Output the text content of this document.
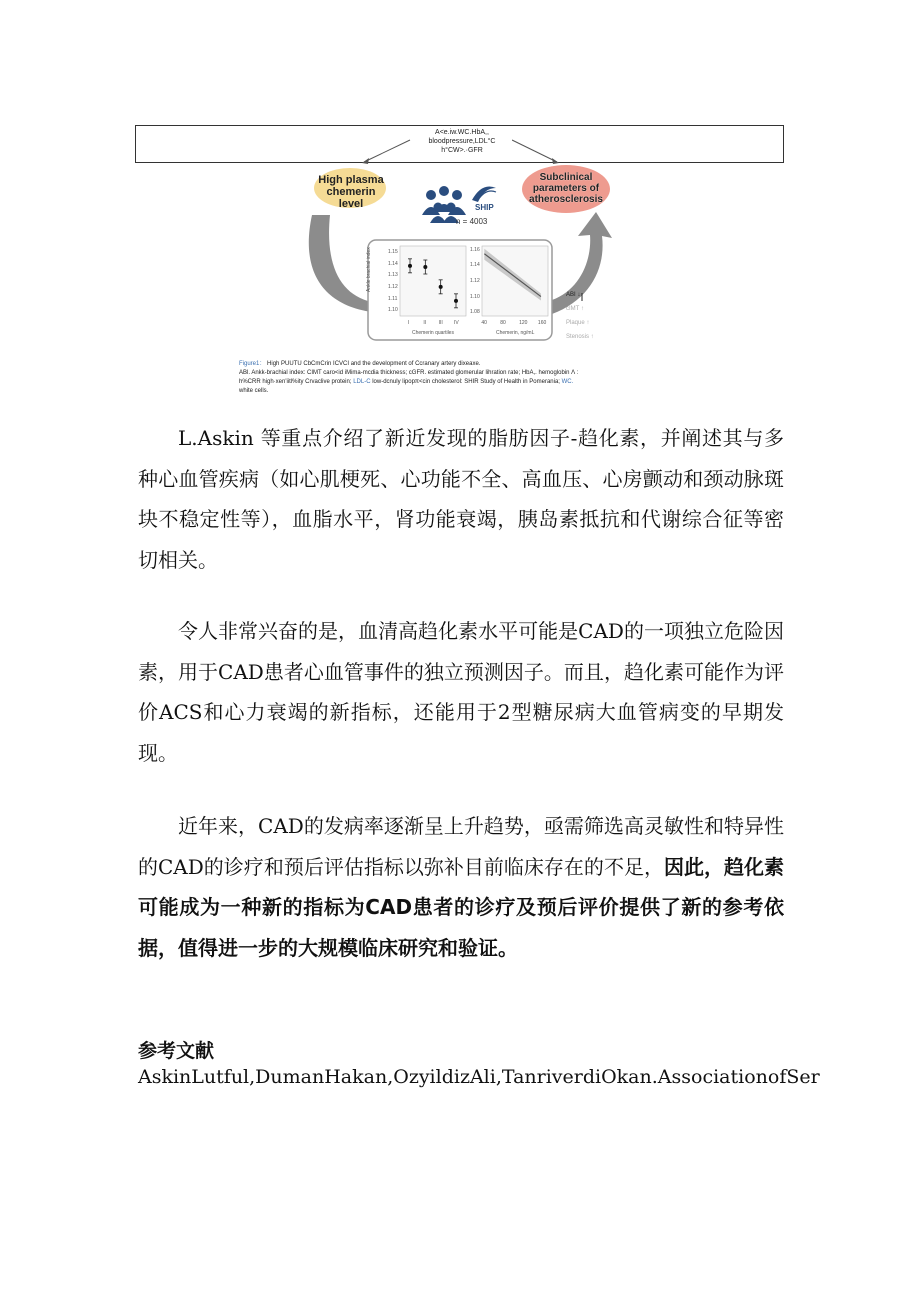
A<e.iw.WC.HbA,, bloodpressure,LDL°C h°CW>.·GFR
High plasma chemerin level
Subclinical parameters of atherosclerosis
SHIP
n = 4003
Ankle brachial index
Chemerin quartiles	Chemerin, ng/mL
I	II	III IV
1.15
1.14
1.13
1.12
1.11
1.10
1.16
1.14
1.12
1.10
1.08
40	80	120 160
ABI ↓
cIMT ↑
Plaque ↑
Stenosis ↑
Figure1： High PUUTU CbCmCrin ICVCI and the development of Ccranary artery dixeaxe.
ABl. Ankk-brachial index: CIMT caro<id iMima-mcdia thickness; cGFR. estimated glomerular lihration rate; HbA,. hemoglobin Λ :
h%CRR high·xen'iitl%ity Crvaclive protein; LDL-C low-dcnuly lipopπ<cin cholesterol: SHIR Study of Health in Pomerania; WC.
white cells.

L.Askin 等重点介绍了新近发现的脂肪因子-趋化素，并阐述其与多种心血管疾病（如心肌梗死、心功能不全、高血压、心房颤动和颈动脉斑块不稳定性等），血脂水平，肾功能衰竭，胰岛素抵抗和代谢综合征等密切相关。

令人非常兴奋的是，血清高趋化素水平可能是CAD的一项独立危险因素，用于CAD患者心血管事件的独立预测因子。而且，趋化素可能作为评价ACS和心力衰竭的新指标，还能用于2型糖尿病大血管病变的早期发现。

近年来，CAD的发病率逐渐呈上升趋势，亟需筛选高灵敏性和特异性的CAD的诊疗和预后评估指标以弥补目前临床存在的不足，因此，趋化素可能成为一种新的指标为CAD患者的诊疗及预后评价提供了新的参考依据，值得进一步的大规模临床研究和验证。

参考文献
AskinLutful,DumanHakan,OzyildizAli,TanriverdiOkan.AssociationofSer
